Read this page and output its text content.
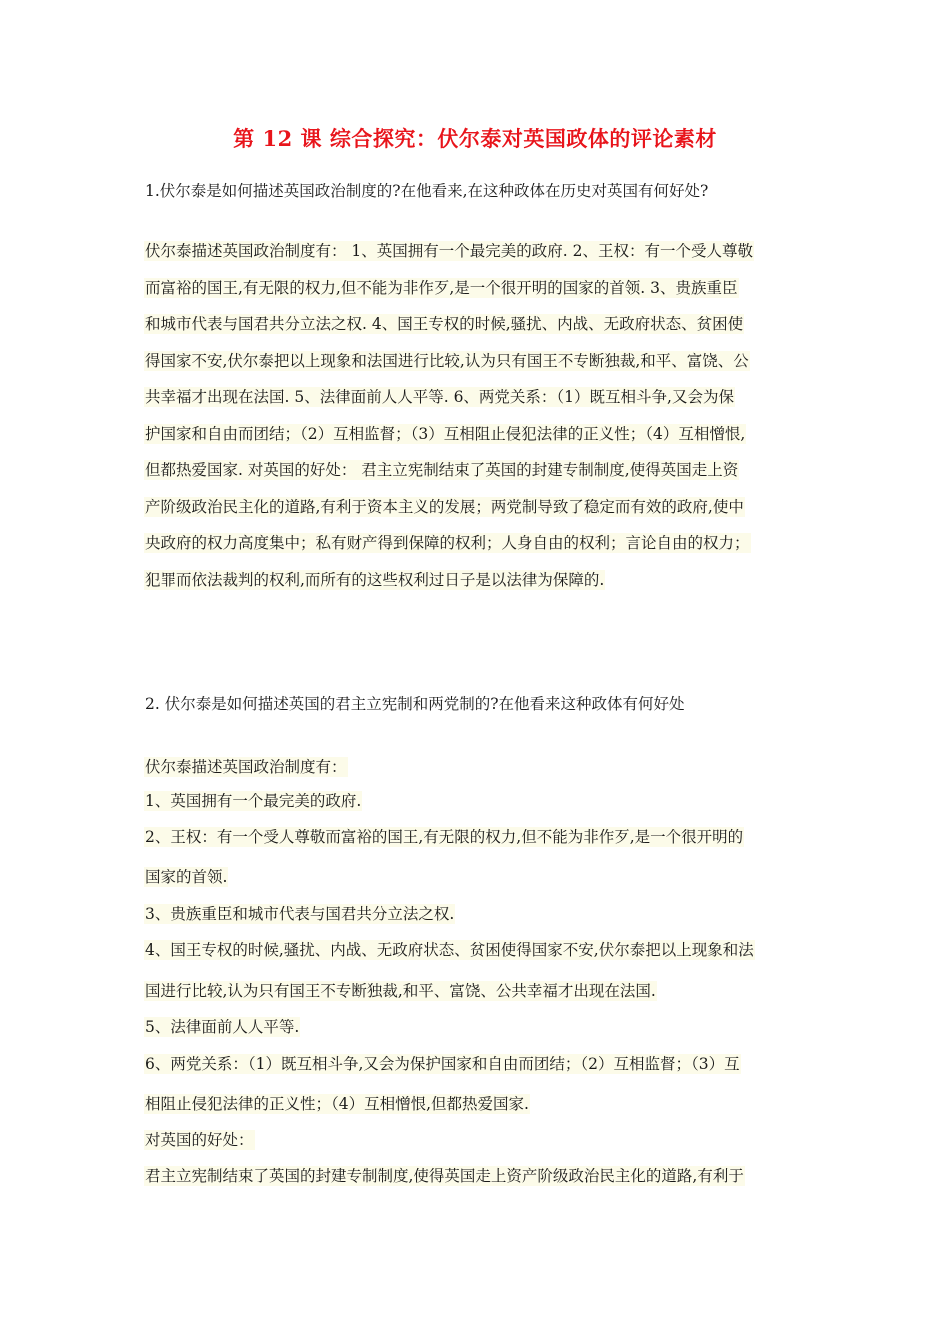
第 12 课 综合探究：伏尔泰对英国政体的评论素材
1.伏尔泰是如何描述英国政治制度的?在他看来,在这种政体在历史对英国有何好处?
伏尔泰描述英国政治制度有： 1、英国拥有一个最完美的政府. 2、王权：有一个受人尊敬
而富裕的国王,有无限的权力,但不能为非作歹,是一个很开明的国家的首领. 3、贵族重臣
和城市代表与国君共分立法之权. 4、国王专权的时候,骚扰、内战、无政府状态、贫困使
得国家不安,伏尔泰把以上现象和法国进行比较,认为只有国王不专断独裁,和平、富饶、公
共幸福才出现在法国. 5、法律面前人人平等. 6、两党关系：（1）既互相斗争,又会为保
护国家和自由而团结；（2）互相监督；（3）互相阻止侵犯法律的正义性；（4）互相憎恨,
但都热爱国家. 对英国的好处： 君主立宪制结束了英国的封建专制制度,使得英国走上资
产阶级政治民主化的道路,有利于资本主义的发展；两党制导致了稳定而有效的政府,使中
央政府的权力高度集中；私有财产得到保障的权利；人身自由的权利；言论自由的权力；
犯罪而依法裁判的权利,而所有的这些权利过日子是以法律为保障的.
2. 伏尔泰是如何描述英国的君主立宪制和两党制的?在他看来这种政体有何好处
伏尔泰描述英国政治制度有：
1、英国拥有一个最完美的政府.
2、王权：有一个受人尊敬而富裕的国王,有无限的权力,但不能为非作歹,是一个很开明的
国家的首领.
3、贵族重臣和城市代表与国君共分立法之权.
4、国王专权的时候,骚扰、内战、无政府状态、贫困使得国家不安,伏尔泰把以上现象和法
国进行比较,认为只有国王不专断独裁,和平、富饶、公共幸福才出现在法国.
5、法律面前人人平等.
6、两党关系：（1）既互相斗争,又会为保护国家和自由而团结；（2）互相监督；（3）互
相阻止侵犯法律的正义性；（4）互相憎恨,但都热爱国家.
对英国的好处：
君主立宪制结束了英国的封建专制制度,使得英国走上资产阶级政治民主化的道路,有利于
